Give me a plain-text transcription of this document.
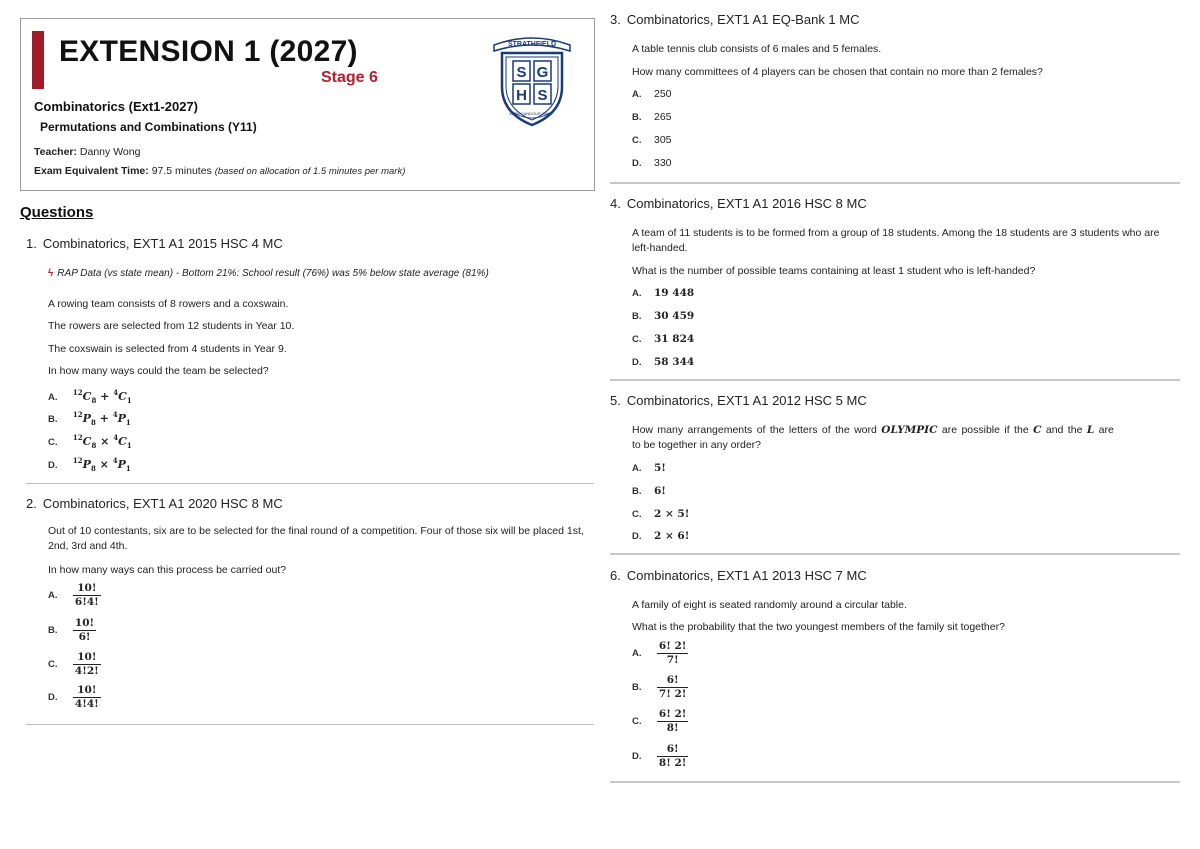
EXTENSION 1 (2027)
Stage 6
STRATHFIELD
S G
H S
WITH CANDOUR AND ...
Combinatorics (Ext1-2027)
Permutations and Combinations (Y11)
Teacher: Danny Wong
Exam Equivalent Time: 97.5 minutes (based on allocation of 1.5 minutes per mark)
Questions
1. Combinatorics, EXT1 A1 2015 HSC 4 MC
ϟ RAP Data (vs state mean) - Bottom 21%: School result (76%) was 5% below state average (81%)

A rowing team consists of 8 rowers and a coxswain.

The rowers are selected from 12 students in Year 10.

The coxswain is selected from 4 students in Year 9.

In how many ways could the team be selected?

A. $^{12}C_8 + ^4C_1$
B. $^{12}P_8 + ^4P_1$
C. $^{12}C_8 \times ^4C_1$
D. $^{12}P_8 \times ^4P_1$
2. Combinatorics, EXT1 A1 2020 HSC 8 MC

Out of 10 contestants, six are to be selected for the final round of a competition. Four of those six will be placed 1st, 2nd, 3rd and 4th.

In how many ways can this process be carried out?

A. $\frac{10!}{6!4!}$
B. $\frac{10!}{6!}$
C. $\frac{10!}{4!2!}$
D. $\frac{10!}{4!4!}$
3. Combinatorics, EXT1 A1 EQ-Bank 1 MC

A table tennis club consists of 6 males and 5 females.

How many committees of 4 players can be chosen that contain no more than 2 females?

A. 250
B. 265
C. 305
D. 330
4. Combinatorics, EXT1 A1 2016 HSC 8 MC

A team of 11 students is to be formed from a group of 18 students. Among the 18 students are 3 students who are left-handed.

What is the number of possible teams containing at least 1 student who is left-handed?

A. 19 448
B. 30 459
C. 31 824
D. 58 344
5. Combinatorics, EXT1 A1 2012 HSC 5 MC

How many arrangements of the letters of the word OLYMPIC are possible if the C and the L are

to be together in any order?

A. 5!
B. 6!
C. 2 × 5!
D. 2 × 6!
6. Combinatorics, EXT1 A1 2013 HSC 7 MC

A family of eight is seated randomly around a circular table.

What is the probability that the two youngest members of the family sit together?

A. $\frac{6! 2!}{7!}$
B. $\frac{6!}{7! 2!}$
C. $\frac{6! 2!}{8!}$
D. $\frac{6!}{8! 2!}$
